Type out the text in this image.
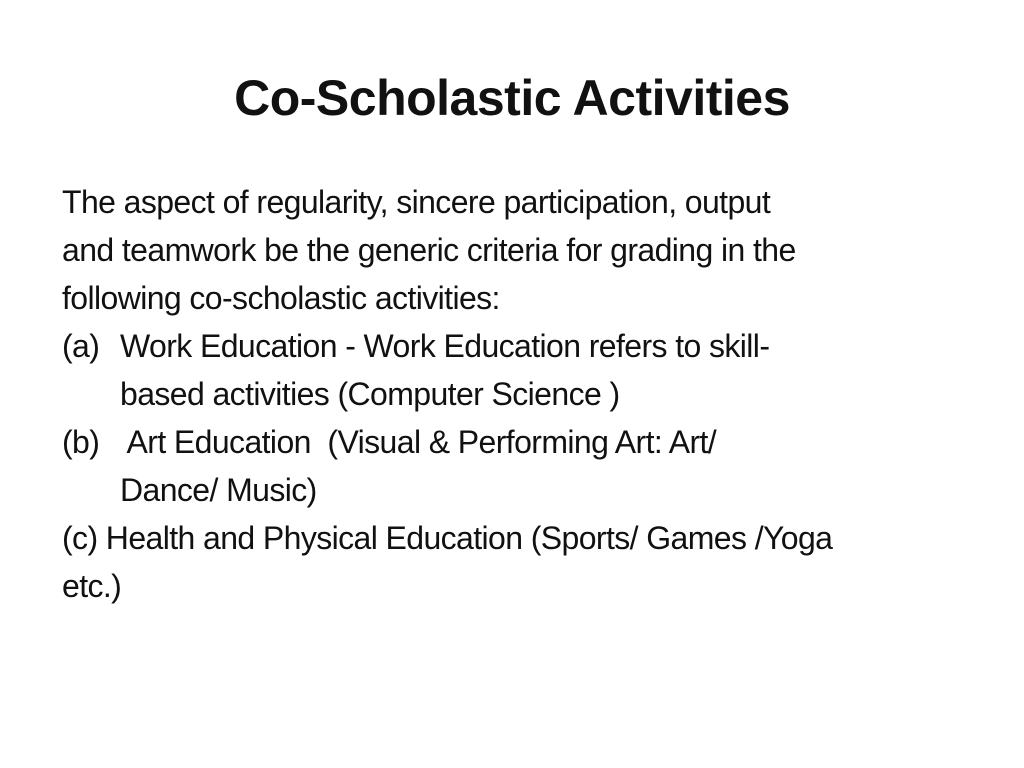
Co-Scholastic Activities
The aspect of regularity, sincere participation, output
and teamwork be the generic criteria for grading in the
following co-scholastic activities:
(a) Work Education - Work Education refers to skill-
based activities (Computer Science )
(b) Art Education  (Visual & Performing Art: Art/
Dance/ Music)
(c) Health and Physical Education (Sports/ Games /Yoga
etc.)
